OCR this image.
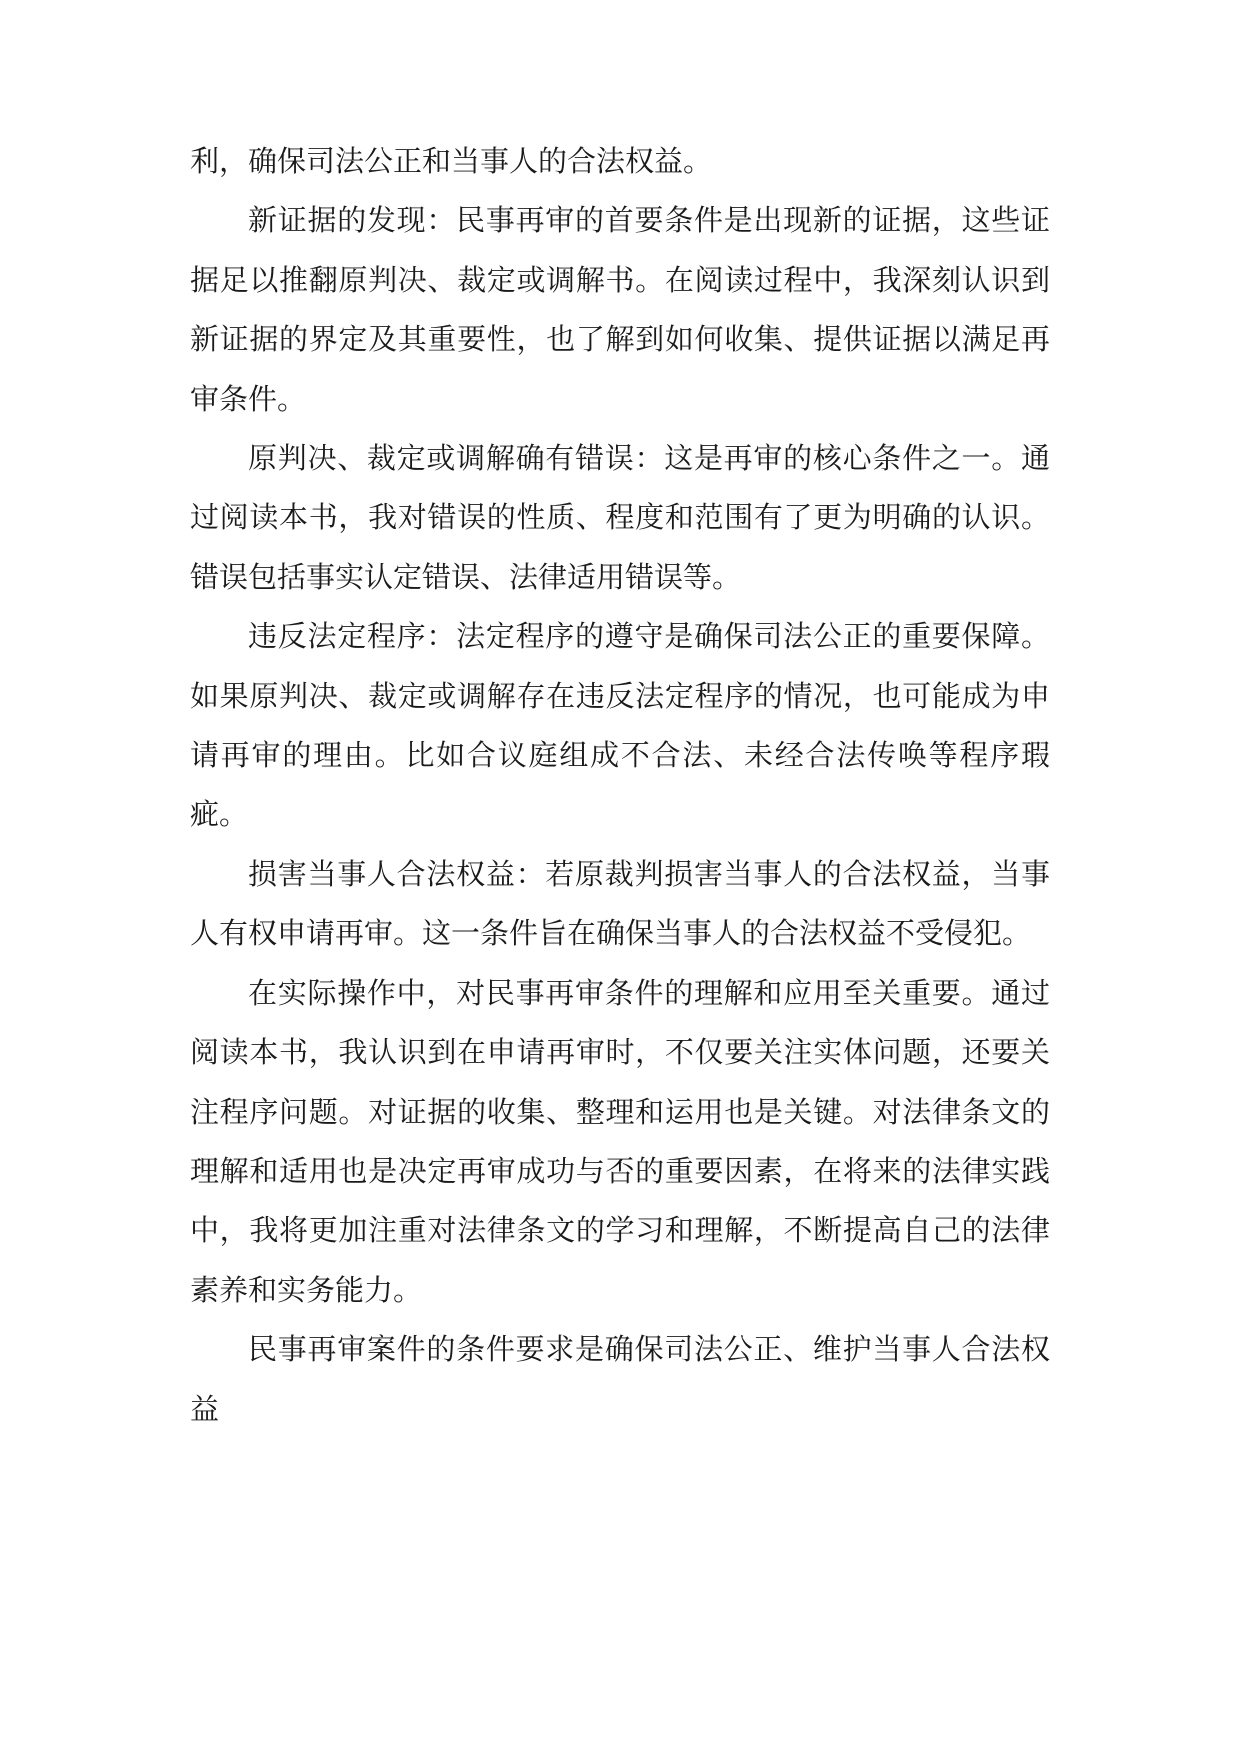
利，确保司法公正和当事人的合法权益。

新证据的发现：民事再审的首要条件是出现新的证据，这些证据足以推翻原判决、裁定或调解书。在阅读过程中，我深刻认识到新证据的界定及其重要性，也了解到如何收集、提供证据以满足再审条件。

原判决、裁定或调解确有错误：这是再审的核心条件之一。通过阅读本书，我对错误的性质、程度和范围有了更为明确的认识。错误包括事实认定错误、法律适用错误等。

违反法定程序：法定程序的遵守是确保司法公正的重要保障。如果原判决、裁定或调解存在违反法定程序的情况，也可能成为申请再审的理由。比如合议庭组成不合法、未经合法传唤等程序瑕疵。

损害当事人合法权益：若原裁判损害当事人的合法权益，当事人有权申请再审。这一条件旨在确保当事人的合法权益不受侵犯。

在实际操作中，对民事再审条件的理解和应用至关重要。通过阅读本书，我认识到在申请再审时，不仅要关注实体问题，还要关注程序问题。对证据的收集、整理和运用也是关键。对法律条文的理解和适用也是决定再审成功与否的重要因素，在将来的法律实践中，我将更加注重对法律条文的学习和理解，不断提高自己的法律素养和实务能力。

民事再审案件的条件要求是确保司法公正、维护当事人合法权益
